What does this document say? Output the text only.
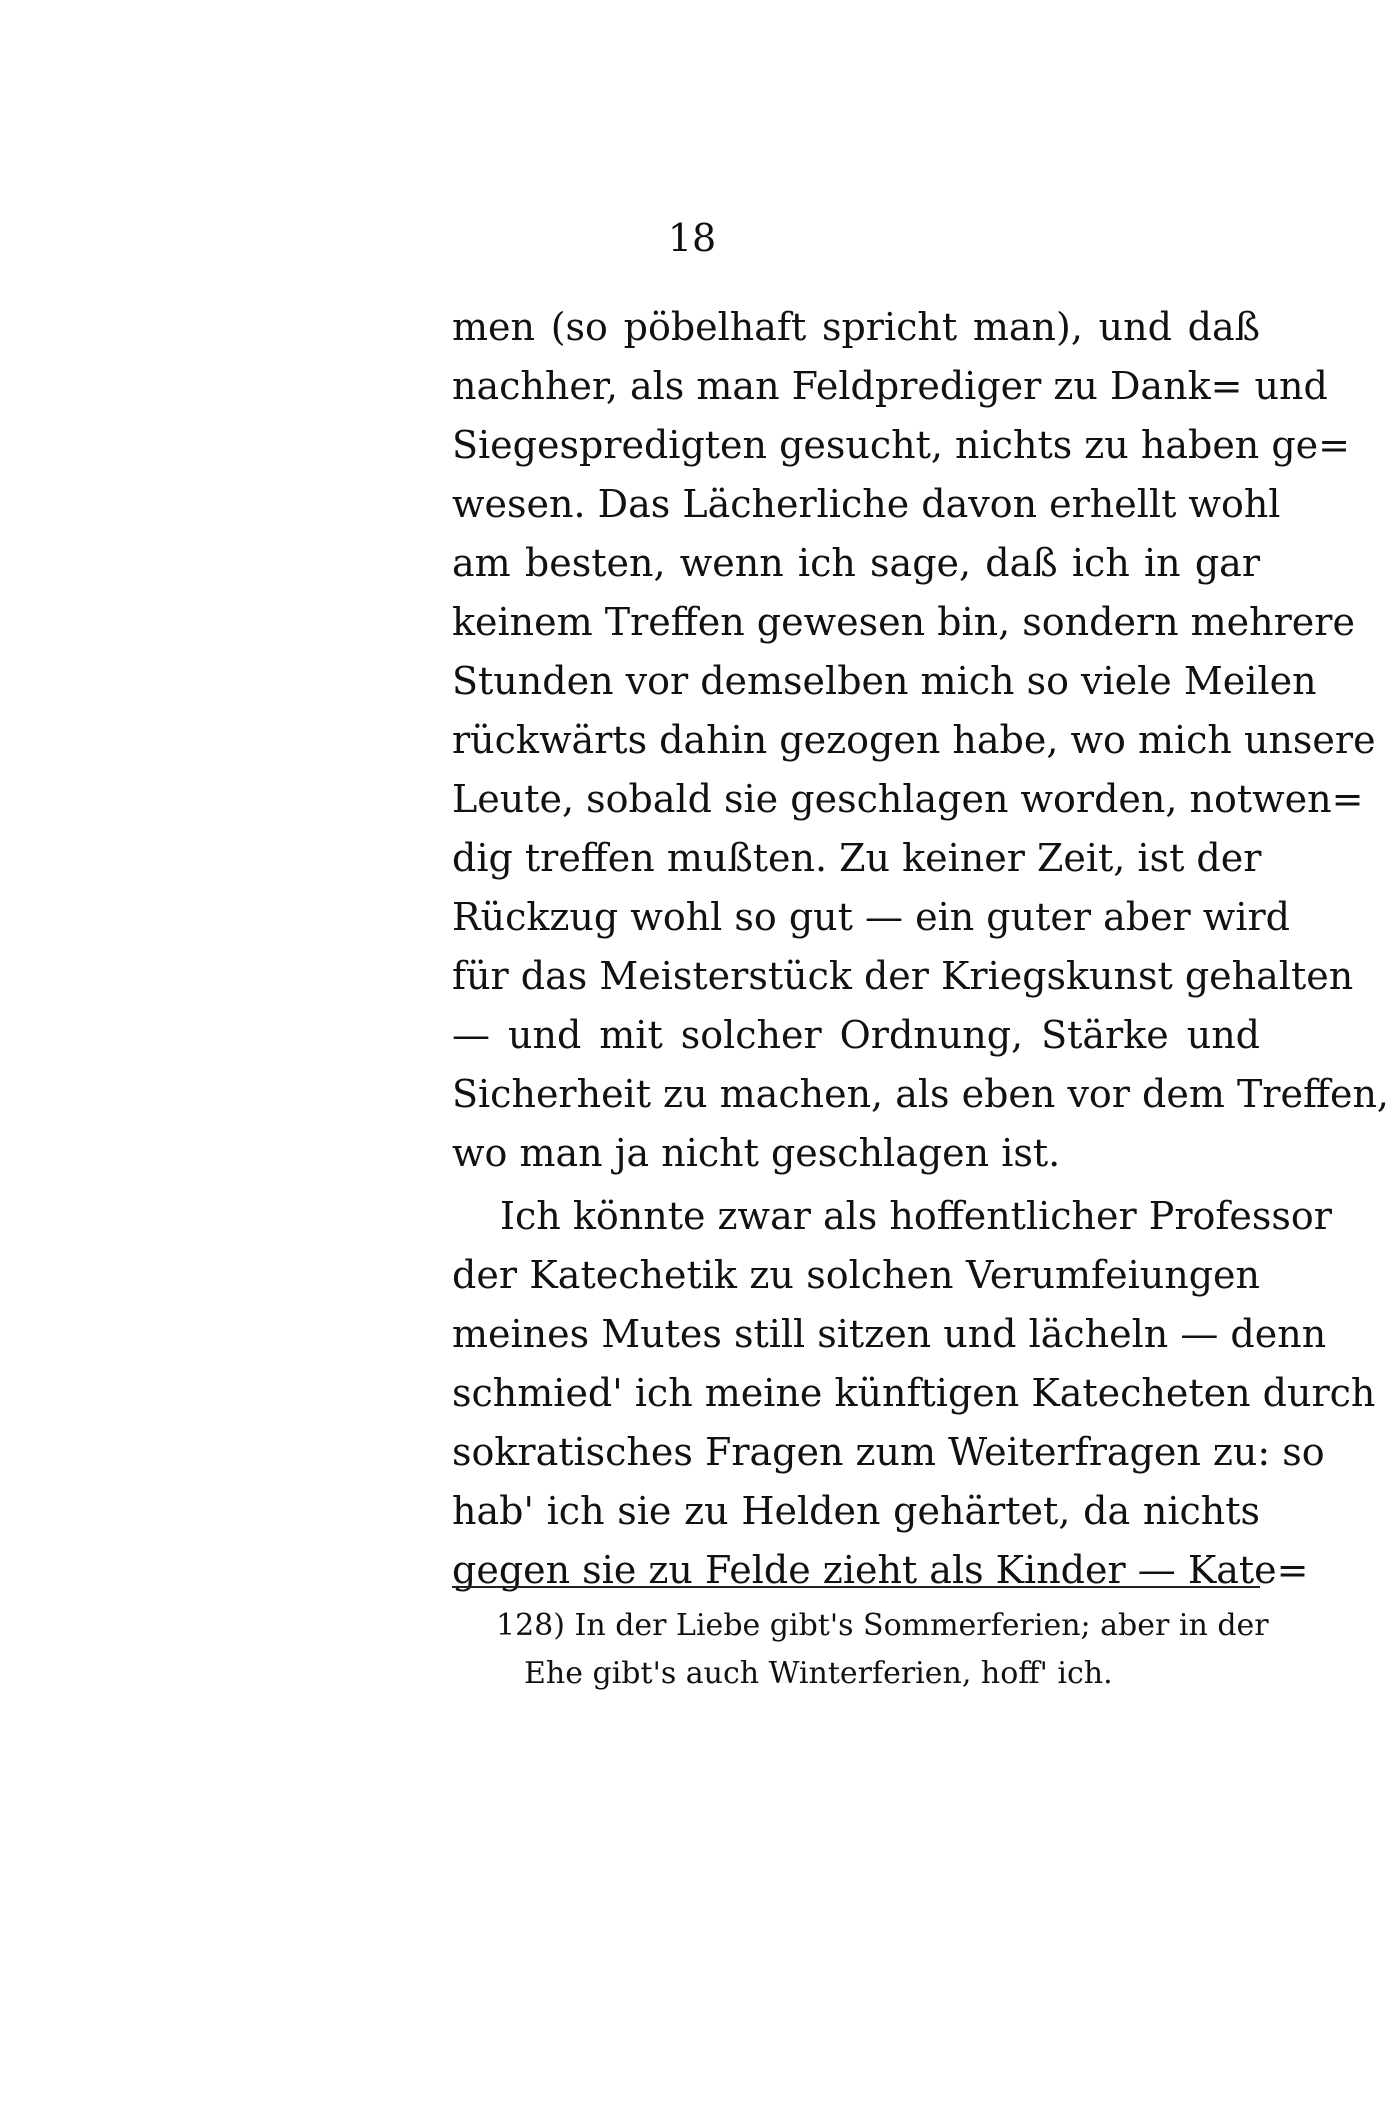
18
men (so pöbelhaft spricht man), und daß
nachher, als man Feldprediger zu Dank= und
Siegespredigten gesucht, nichts zu haben ge=
wesen. Das Lächerliche davon erhellt wohl
am besten, wenn ich sage, daß ich in gar
keinem Treffen gewesen bin, sondern mehrere
Stunden vor demselben mich so viele Meilen
rückwärts dahin gezogen habe, wo mich unsere
Leute, sobald sie geschlagen worden, notwen=
dig treffen mußten. Zu keiner Zeit, ist der
Rückzug wohl so gut — ein guter aber wird
für das Meisterstück der Kriegskunst gehalten
— und mit solcher Ordnung, Stärke und
Sicherheit zu machen, als eben vor dem Treffen,
wo man ja nicht geschlagen ist.
Ich könnte zwar als hoffentlicher Professor
der Katechetik zu solchen Verumfeiungen
meines Mutes still sitzen und lächeln — denn
schmied' ich meine künftigen Katecheten durch
sokratisches Fragen zum Weiterfragen zu: so
hab' ich sie zu Helden gehärtet, da nichts
gegen sie zu Felde zieht als Kinder — Kate=
128) In der Liebe gibt's Sommerferien; aber in der
Ehe gibt's auch Winterferien, hoff' ich.
